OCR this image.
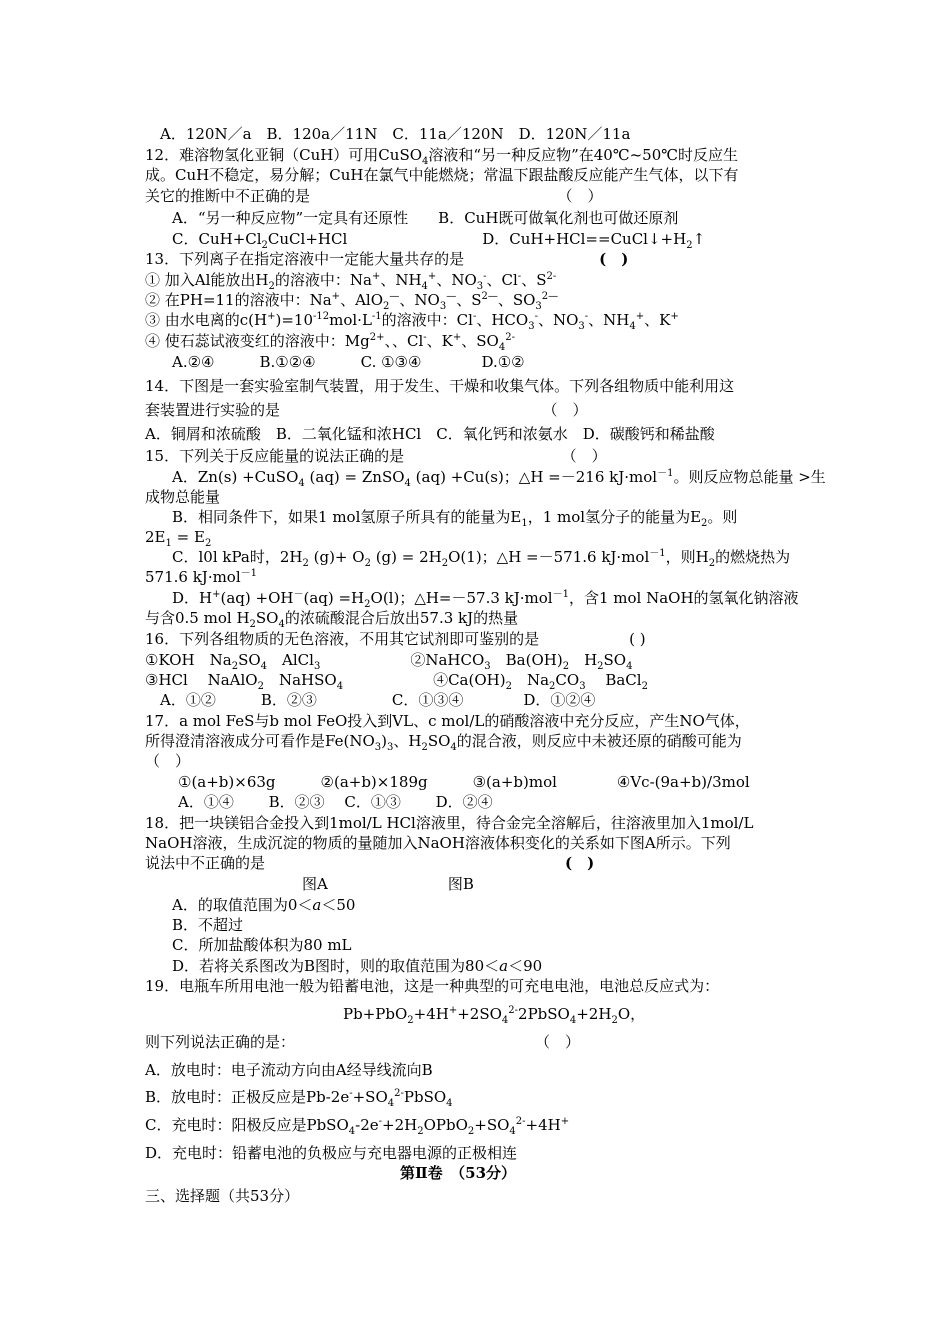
A．120N／a　B．120a／11N　C．11a／120N　D．120N／11a
12．难溶物氢化亚铜（CuH）可用CuSO$_4$溶液和“另一种反应物”在40℃~50℃时反应生
成。CuH不稳定，易分解；CuH在氯气中能燃烧；常温下跟盐酸反应能产生气体，以下有
关它的推断中不正确的是　　　　　　　　　　　　　　　　　（　）
A．“另一种反应物”一定具有还原性　　B．CuH既可做氧化剂也可做还原剂
C．$CuH+Cl_2CuCl+HCl$　　　　　　　　　D．$CuH+HCl==CuCl↓+H_2↑$
13．下列离子在指定溶液中一定能大量共存的是　　　　　　　　　(　)
① 加入Al能放出$H_2$的溶液中：Na+、$NH_4^+$、$NO_3^-$、Cl-、$S^{2-}$
② 在PH=11的溶液中：Na+、AlO$_2$—、$NO_3^—$、$S^{2—}$、$SO_3^{2—}$
③ 由水电离的$c(H^+)=10^{-12}mol\cdot L^{-1}$的溶液中：Cl-、$HCO_3^-$、$NO_3^-$、$NH_4^+$、K+
④ 使石蕊试液变红的溶液中：$Mg^{2+}$、、Cl-、K+、$SO_4^{2-}$
A.②④　　　B.①②④　　　C. ①③④　　　　D.①②
14．下图是一套实验室制气装置，用于发生、干燥和收集气体。下列各组物质中能利用这
套装置进行实验的是　　　　　　　　　　　　　　　　　　（　）
A．铜屑和浓硫酸　B．二氧化锰和浓HCl　C．氧化钙和浓氨水　D．碳酸钙和稀盐酸
15．下列关于反应能量的说法正确的是　　　　　　　　　　　（　）
A．Zn(s) +CuSO$_4$ (aq) = ZnSO$_4$ (aq) +Cu(s)；△H =－216 kJ·mol$^{-1}$。则反应物总能量 >生
成物总能量
B．相同条件下，如果1 mol氢原子所具有的能量为$E_1$，1 mol氢分子的能量为$E_2$。则
$2E_1 = E_2$
C．l0l kPa时，$2H_2$ $(g)+ O_2$ $(g) = 2H_2O(1)$；△H =－571.6 kJ·mol$^{-1}$，则$H_2$的燃烧热为
571.6 kJ·mol$^{-1}$
D．$H^+(aq) +OH^-(aq) =H_2O(l)$；△H=－57.3 kJ·mol$^{-1}$，含1 mol NaOH的氢氧化钠溶液
与含0.5 mol $H_2SO_4$的浓硫酸混合后放出57.3 kJ的热量
16．下列各组物质的无色溶液，不用其它试剂即可鉴别的是　　　　　　( )
①KOH　$Na_2SO_4$　AlCl$_3$　　　　　　②NaHCO$_3$　$Ba(OH)_2$　$H_2SO_4$
③HCl　 NaAlO$_2$　NaHSO$_4$　　　　　　$④Ca(OH)_2$　$Na_2CO_3$　 BaCl$_2$
A．①②　　　B．②③　　　　　C．①③④　　　　D．①②④
17．a mol FeS与b mol FeO投入到VL、c mol/L的硝酸溶液中充分反应，产生NO气体，
所得澄清溶液成分可看作是$Fe(NO_3)_3$、$H_2SO_4$的混合液，则反应中未被还原的硝酸可能为
（　）
①(a+b)×63g　　　②(a+b)×189g　　　③(a+b)mol　　　　④Vc-(9a+b)/3mol
A．①④　　 B．②③　 C．①③　　 D．②④
18．把一块镁铝合金投入到1mol/L HCl溶液里，待合金完全溶解后，往溶液里加入1mol/L
NaOH溶液，生成沉淀的物质的量随加入NaOH溶液体积变化的关系如下图A所示。下列
说法中不正确的是　　　　　　　　　　　　　　　　　　　　(　)
图A　　　　　　　　图B
A．的取值范围为0＜a＜50
B．不超过
C．所加盐酸体积为80 mL
D．若将关系图改为B图时，则的取值范围为80＜a＜90
19．电瓶车所用电池一般为铅蓄电池，这是一种典型的可充电电池，电池总反应式为：
$Pb+PbO_2+4H^++2SO_4^{2-}2PbSO_4+2H_2O$，
则下列说法正确的是：　　　　　　　　　　　　　　　　　（　）
A．放电时：电子流动方向由A经导线流向B
B．放电时：正极反应是$Pb-2e^-+SO_4^{2-}PbSO_4$
C．充电时：阳极反应是$PbSO_4-2e^-+2H_2OPbO_2+SO_4^{2-}+4H^+$
D．充电时：铅蓄电池的负极应与充电器电源的正极相连
第Ⅱ卷　（53分）
三、选择题（共53分）
